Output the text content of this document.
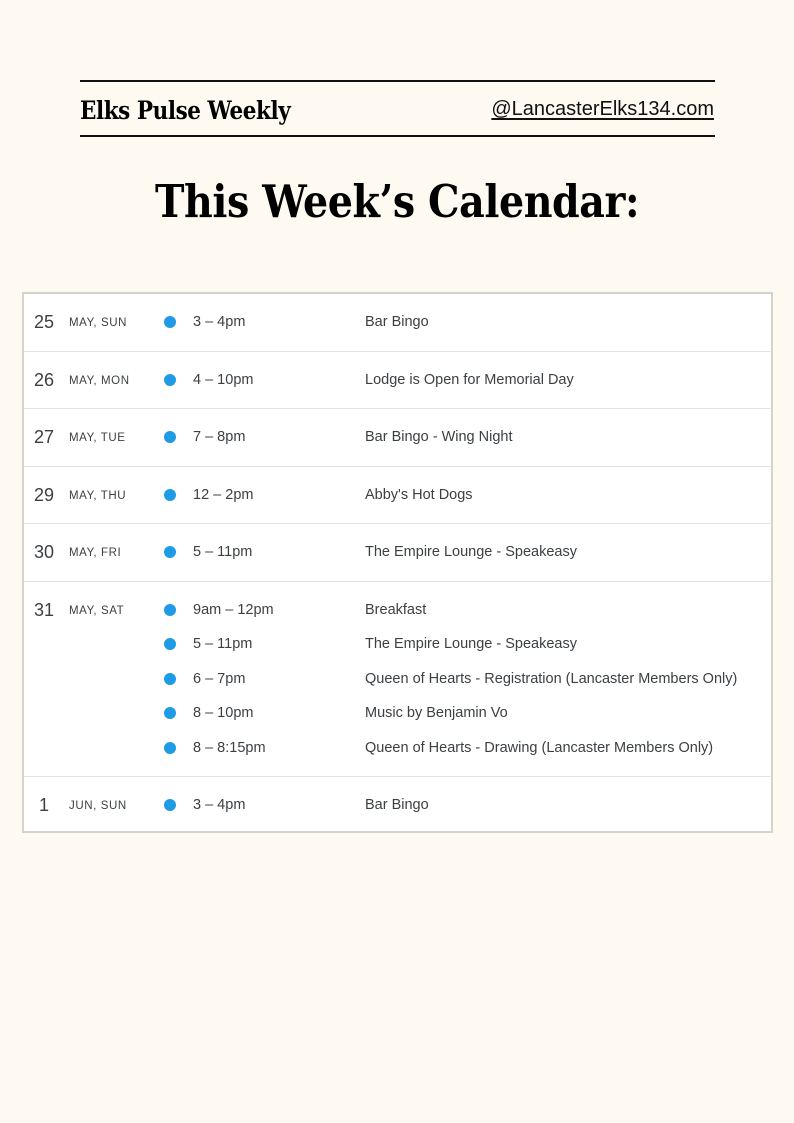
Elks Pulse Weekly	@LancasterElks134.com
This Week’s Calendar:
25 MAY, SUN	3 – 4pm	Bar Bingo
26 MAY, MON	4 – 10pm	Lodge is Open for Memorial Day
27 MAY, TUE	7 – 8pm	Bar Bingo - Wing Night
29 MAY, THU	12 – 2pm	Abby's Hot Dogs
30 MAY, FRI	5 – 11pm	The Empire Lounge - Speakeasy
31 MAY, SAT	9am – 12pm	Breakfast
5 – 11pm	The Empire Lounge - Speakeasy
6 – 7pm	Queen of Hearts - Registration (Lancaster Members Only)
8 – 10pm	Music by Benjamin Vo
8 – 8:15pm	Queen of Hearts - Drawing (Lancaster Members Only)
1	JUN, SUN	3 – 4pm	Bar Bingo
